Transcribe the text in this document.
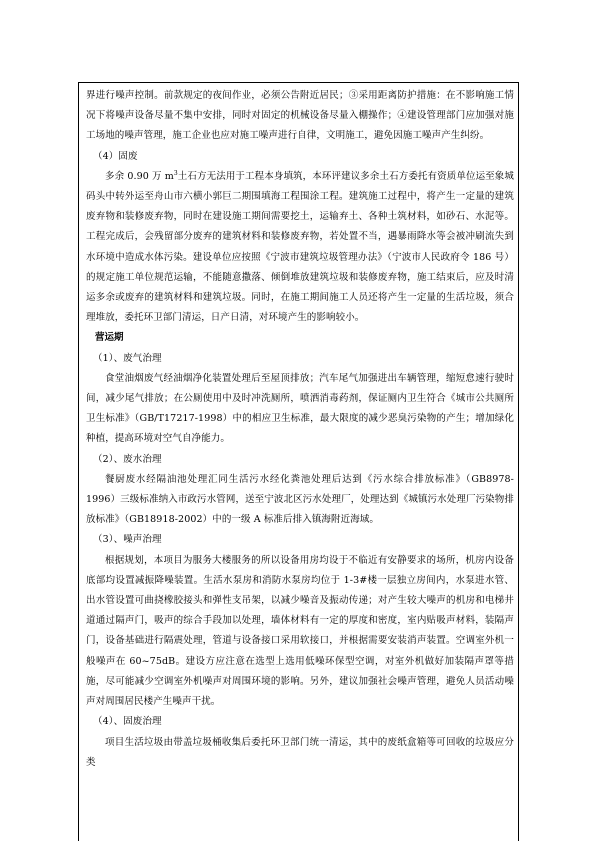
界进行噪声控制。前款规定的夜间作业，必须公告附近居民；③采用距离防护措施：在不影响施工情况下将噪声设备尽量不集中安排，同时对固定的机械设备尽量入棚操作；④建设管理部门应加强对施工场地的噪声管理，施工企业也应对施工噪声进行自律，文明施工，避免因施工噪声产生纠纷。

（4）固废

多余 0.90 万 $m^3$土石方无法用于工程本身填筑，本环评建议多余土石方委托有资质单位运至象城码头中转外运至舟山市六横小郭巨二期围填海工程围涂工程。建筑施工过程中，将产生一定量的建筑废弃物和装修废弃物，同时在建设施工期间需要挖土，运输弃土、各种土筑材料，如砂石、水泥等。工程完成后，会残留部分废弃的建筑材料和装修废弃物，若处置不当，遇暴雨降水等会被冲刷流失到水环境中造成水体污染。建设单位应按照《宁波市建筑垃圾管理办法》（宁波市人民政府令 186 号）的规定施工单位规范运输，不能随意撒落、倾倒堆放建筑垃圾和装修废弃物，施工结束后，应及时清运多余或废弃的建筑材料和建筑垃圾。同时，在施工期间施工人员还将产生一定量的生活垃圾，须合理堆放，委托环卫部门清运，日产日清，对环境产生的影响较小。

营运期

（1）、废气治理

食堂油烟废气经油烟净化装置处理后至屋顶排放；汽车尾气加强进出车辆管理，缩短怠速行驶时间，减少尾气排放；在公厕使用中及时冲洗厕所，喷洒消毒药剂，保证厕内卫生符合《城市公共厕所卫生标准》（GB/T17217-1998）中的相应卫生标准，最大限度的减少恶臭污染物的产生；增加绿化种植，提高环境对空气自净能力。

（2）、废水治理

餐厨废水经隔油池处理汇同生活污水经化粪池处理后达到《污水综合排放标准》（GB8978-1996）三级标准纳入市政污水管网，送至宁波北区污水处理厂，处理达到《城镇污水处理厂污染物排放标准》（GB18918-2002）中的一级 A 标准后排入镇海附近海域。

（3）、噪声治理

根据规划，本项目为服务大楼服务的所以设备用房均设于不临近有安静要求的场所，机房内设备底部均设置减振降噪装置。生活水泵房和消防水泵房均位于 1-3#楼一层独立房间内，水泵进水管、出水管设置可曲挠橡胶接头和弹性支吊架，以减少噪音及振动传递；对产生较大噪声的机房和电梯井道通过隔声门，吸声的综合手段加以处理，墙体材料有一定的厚度和密度，室内贴吸声材料，装隔声门，设备基础进行隔震处理，管道与设备接口采用软接口，并根据需要安装消声装置。空调室外机一般噪声在 60~75dB。建设方应注意在选型上选用低噪环保型空调，对室外机做好加装隔声罩等措施，尽可能减少空调室外机噪声对周围环境的影响。另外，建议加强社会噪声管理，避免人员活动噪声对周围居民楼产生噪声干扰。

（4）、固废治理

项目生活垃圾由带盖垃圾桶收集后委托环卫部门统一清运，其中的废纸盒箱等可回收的垃圾应分类
